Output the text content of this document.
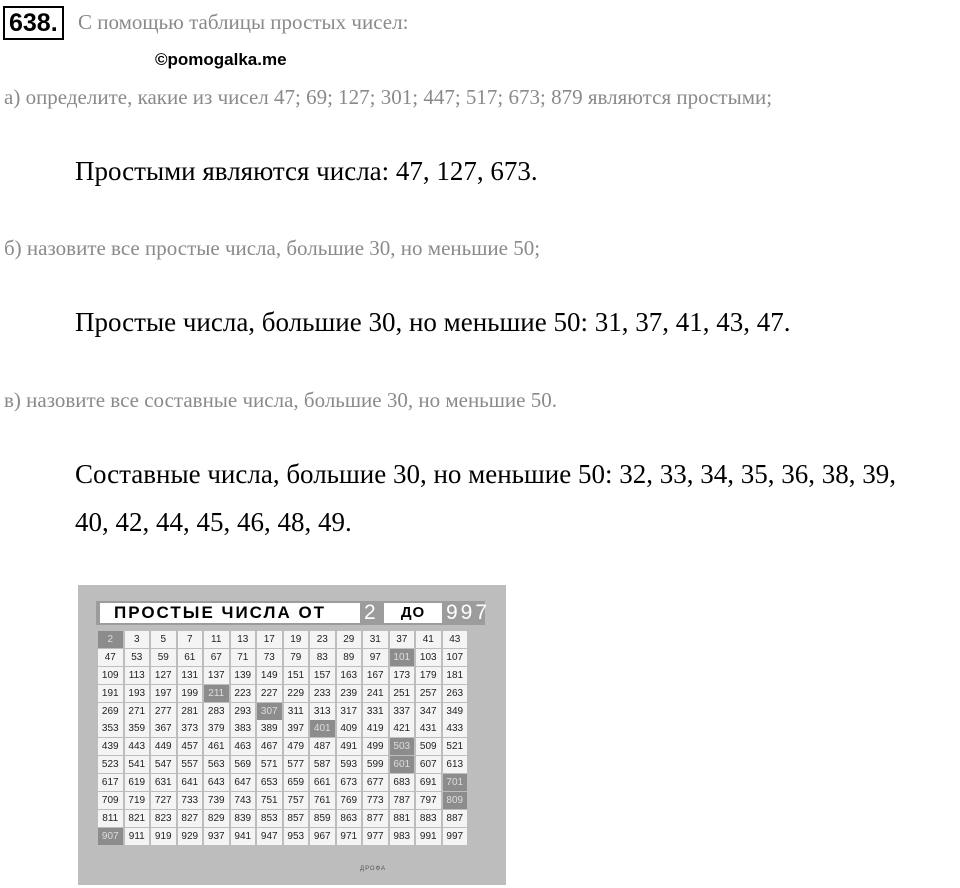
638. С помощью таблицы простых чисел:
©pomogalka.me
а) определите, какие из чисел 47; 69; 127; 301; 447; 517; 673; 879 являются простыми;
Простыми являются числа: 47, 127, 673.
б) назовите все простые числа, большие 30, но меньшие 50;
Простые числа, большие 30, но меньшие 50: 31, 37, 41, 43, 47.
в) назовите все составные числа, большие 30, но меньшие 50.
Составные числа, большие 30, но меньшие 50: 32, 33, 34, 35, 36, 38, 39,
40, 42, 44, 45, 46, 48, 49.
ПРОСТЫЕ ЧИСЛА ОТ	2	ДО 997
2	3	5	7	11	13	17	19	23	29	31	37	41	43
47	53	59	61	67	71	73	79	83	89	97	101 103 107
109	113	127 131 137 139 149 151 157 163 167 173 179 181
191 193 197 199	211	223 227 229 233 239 241 251 257 263
269 271 277 281 283 293 307	311	313 317 331 337 347 349
353 359 367 373 379 383 389 397 401 409 419 421 431 433
439 443 449 457 461 463 467 479 487 491 499 503 509 521
523 541 547 557 563 569 571 577 587 593 599 601 607 613
617 619 631 641 643 647 653 659 661 673 677 683 691 701
709 719 727 733 739 743 751 757 761 769 773 787 797 809
811	821 823 827 829 839 853 857 859 863 877 881 883 887
907	911	919 929 937 941 947 953 967 971 977 983 991 997
ДРОФА
